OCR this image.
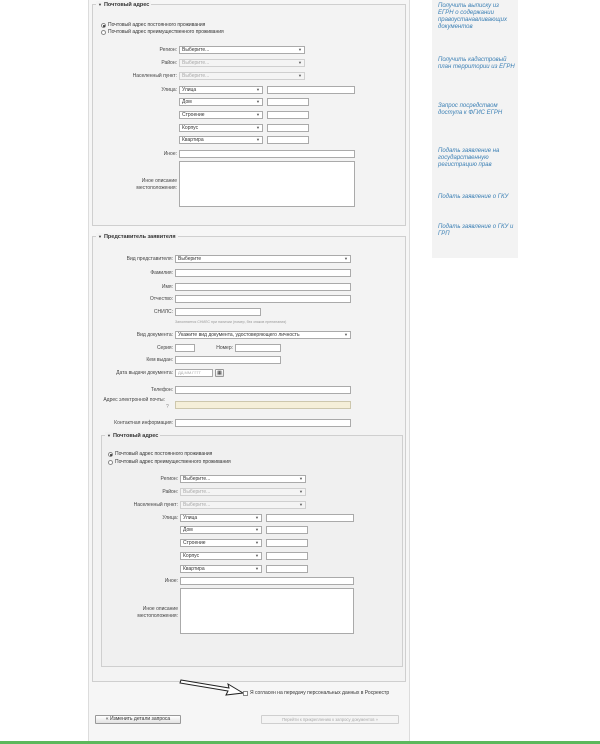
▼ Почтовый адрес
Почтовый адрес постоянного проживания
Почтовый адрес преимущественного проживания
Регион:	Выберите...	▼
Район:	Выберите...	▼
Населенный пункт:	Выберите...	▼
Улица:	Улица	▼
Дом	▼
Строение	▼
Корпус	▼
Квартира	▼
Иное:
Иное описание местоположения:
▼ Представитель заявителя
Вид представителя:	Выберите	▼
Фамилия:
Имя:
Отчество:
СНИЛС:
Заполняется СНИЛС при наличии (номер, без знаков препинания)
Вид документа:	Укажите вид документа, удостоверяющего личность	▼
Серия:	Номер:
Кем выдан:
Дата выдачи документа:	ДД.ММ.ГГГГ	▦
Телефон:
Адрес электронной почты:
?
Контактная информация:
▼ Почтовый адрес
Почтовый адрес постоянного проживания
Почтовый адрес преимущественного проживания
Регион:	Выберите...	▼
Район:	Выберите...	▼
Населенный пункт:	Выберите...	▼
Улица:	Улица	▼
Дом	▼
Строение	▼
Корпус	▼
Квартира	▼
Иное:
Иное описание местоположения:
Я согласен на передачу персональных данных в Росреестр
« Изменить детали запроса	Перейти к прикреплению к запросу документов »
Получить выписку из ЕГРН о содержании правоустанавливающих документов
Получить кадастровый план территории из ЕГРН
Запрос посредством доступа к ФГИС ЕГРН
Подать заявление на государственную регистрацию прав
Подать заявление о ГКУ
Подать заявление о ГКУ и ГРП
